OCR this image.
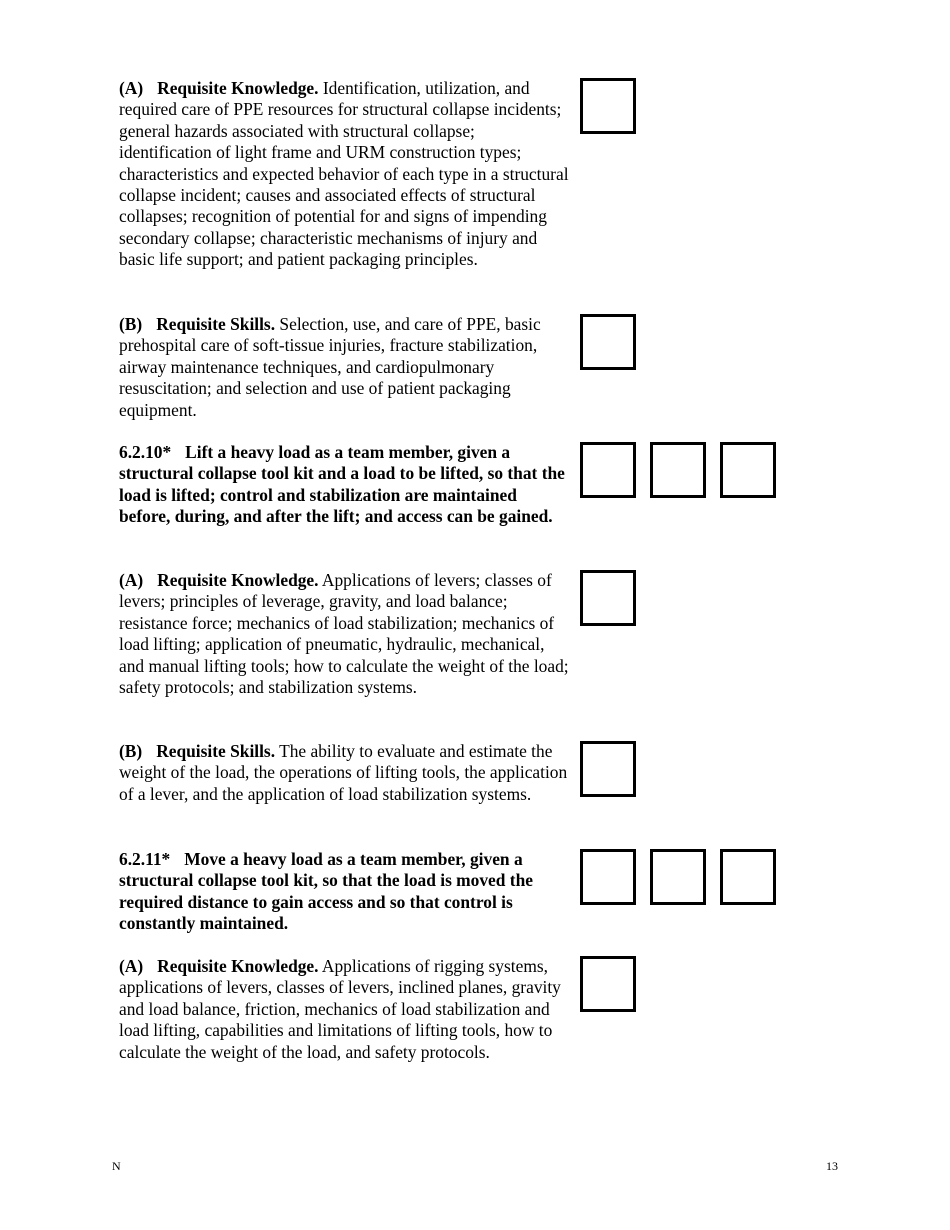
(A) Requisite Knowledge. Identification, utilization, and required care of PPE resources for structural collapse incidents; general hazards associated with structural collapse; identification of light frame and URM construction types; characteristics and expected behavior of each type in a structural collapse incident; causes and associated effects of structural collapses; recognition of potential for and signs of impending secondary collapse; characteristic mechanisms of injury and basic life support; and patient packaging principles.
(B) Requisite Skills. Selection, use, and care of PPE, basic prehospital care of soft-tissue injuries, fracture stabilization, airway maintenance techniques, and cardiopulmonary resuscitation; and selection and use of patient packaging equipment.
6.2.10* Lift a heavy load as a team member, given a structural collapse tool kit and a load to be lifted, so that the load is lifted; control and stabilization are maintained before, during, and after the lift; and access can be gained.
(A) Requisite Knowledge. Applications of levers; classes of levers; principles of leverage, gravity, and load balance; resistance force; mechanics of load stabilization; mechanics of load lifting; application of pneumatic, hydraulic, mechanical, and manual lifting tools; how to calculate the weight of the load; safety protocols; and stabilization systems.
(B) Requisite Skills. The ability to evaluate and estimate the weight of the load, the operations of lifting tools, the application of a lever, and the application of load stabilization systems.
6.2.11* Move a heavy load as a team member, given a structural collapse tool kit, so that the load is moved the required distance to gain access and so that control is constantly maintained.
(A) Requisite Knowledge. Applications of rigging systems, applications of levers, classes of levers, inclined planes, gravity and load balance, friction, mechanics of load stabilization and load lifting, capabilities and limitations of lifting tools, how to calculate the weight of the load, and safety protocols.
N	13
